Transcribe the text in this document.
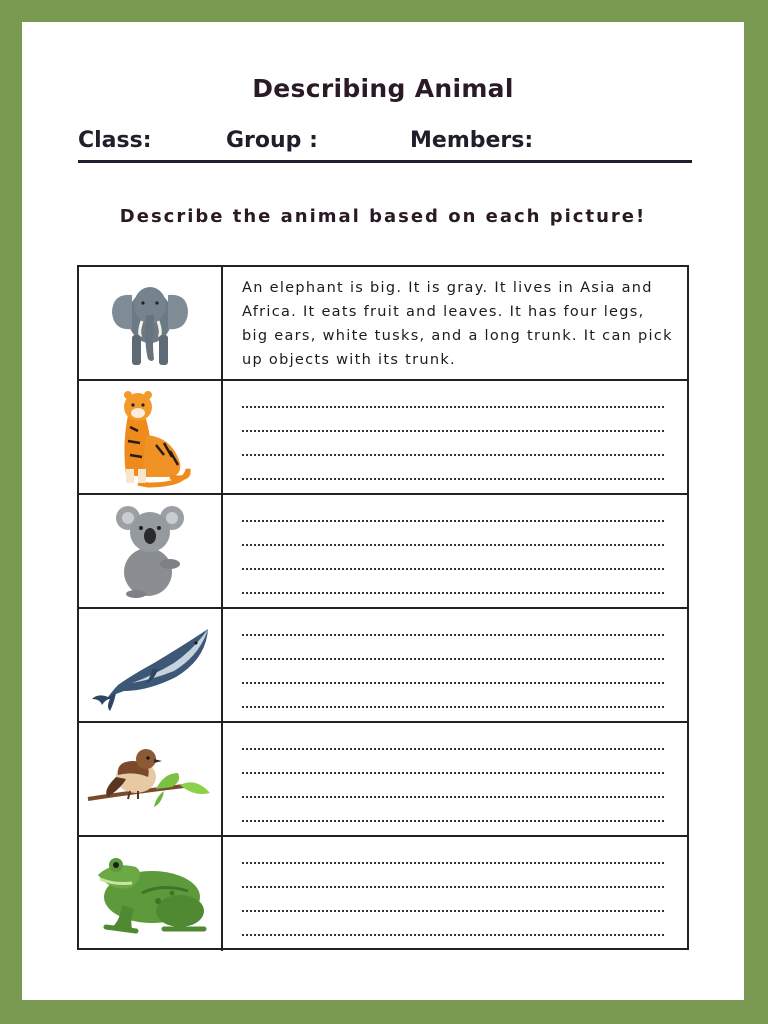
Describing Animal
Class:	Group :	Members:
Describe the animal based on each picture!
An elephant is big. It is gray. It lives in Asia and Africa. It eats fruit and leaves. It has four legs, big ears, white tusks, and a long trunk. It can pick up objects with its trunk.
